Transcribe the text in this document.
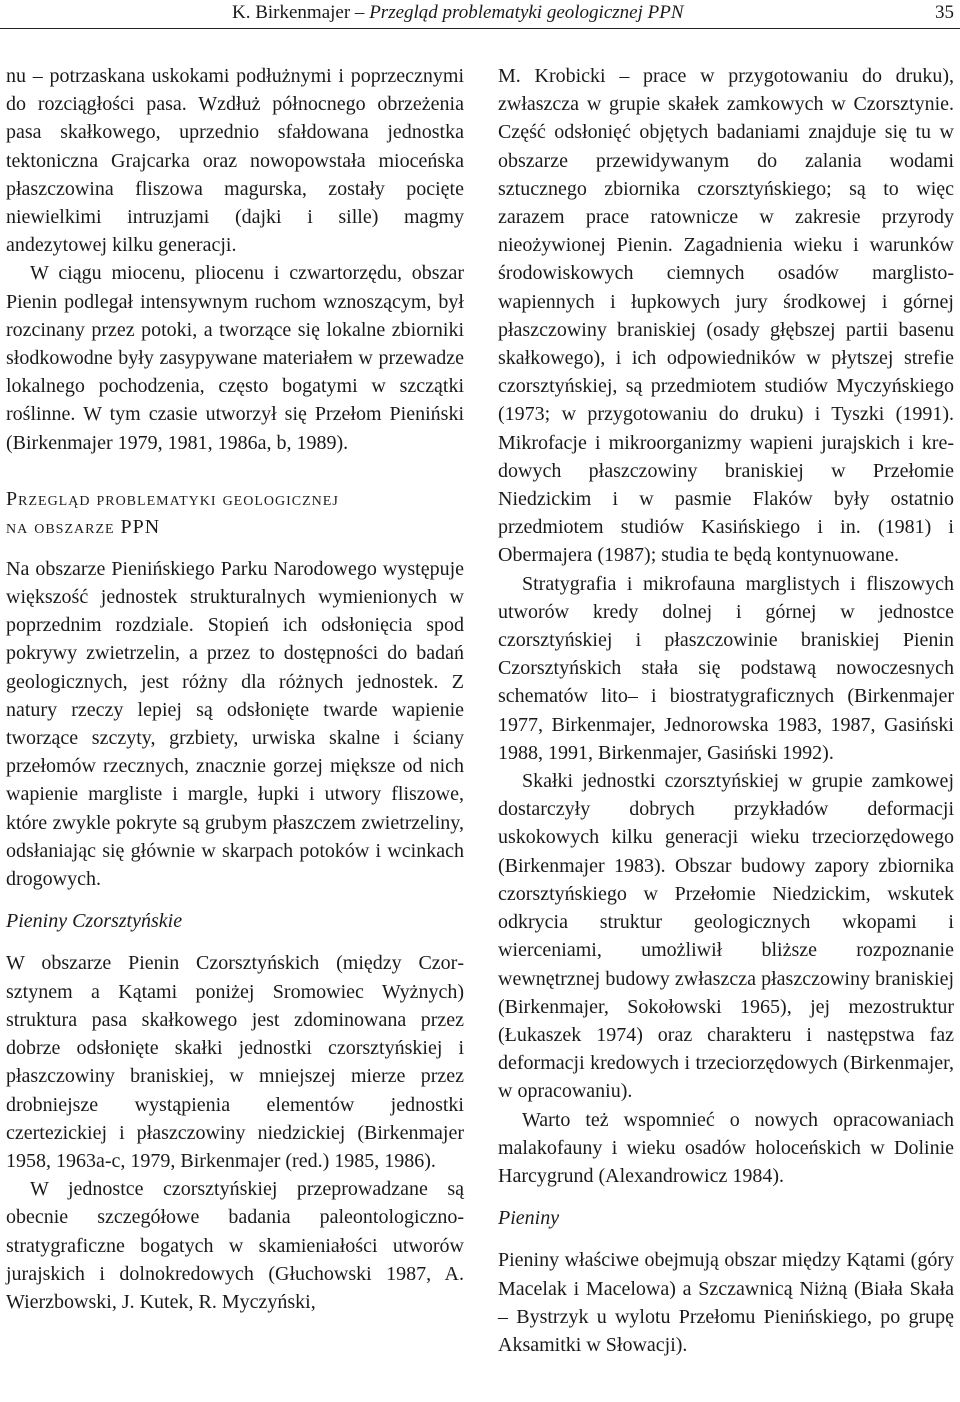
K. Birkenmajer – Przegląd problematyki geologicznej PPN	35

nu – potrzaskana uskokami podłużnymi i poprzecznymi do rozciągłości pasa. Wzdłuż północnego obrzeżenia pasa skałkowego, uprzednio sfałdowana jednostka tektoniczna Grajcarka oraz nowopowstała mioceńska płaszczowina fliszowa magurska, zostały pocięte niewielkimi intruzjami (dajki i sille) magmy andezytowej kilku generacji.

W ciągu miocenu, pliocenu i czwartorzędu, obszar Pienin podlegał intensywnym ruchom wznoszącym, był rozcinany przez potoki, a tworzące się lokalne zbiorniki słodkowodne były zasypywane materiałem w przewadze lokalnego pochodzenia, często bogatymi w szczątki roślinne. W tym czasie utworzył się Przełom Pieniński (Birkenmajer 1979, 1981, 1986a, b, 1989).

Przegląd problematyki geologicznej
na obszarze PPN

Na obszarze Pienińskiego Parku Narodowego występuje większość jednostek strukturalnych wymienionych w poprzednim rozdziale. Stopień ich odsłonięcia spod pokrywy zwietrzelin, a przez to dostępności do badań geologicznych, jest różny dla różnych jednostek. Z natury rzeczy lepiej są odsłonięte twarde wapienie tworzące szczyty, grzbiety, urwiska skalne i ściany przełomów rzecznych, znacznie gorzej miększe od nich wapienie margliste i margle, łupki i utwory fliszowe, które zwykle pokryte są grubym płaszczem zwietrzeliny, odsłaniając się głównie w skarpach potoków i wcinkach drogowych.

Pieniny Czorsztyńskie

W obszarze Pienin Czorsztyńskich (między Czorsztynem a Kątami poniżej Sromowiec Wyżnych) struktura pasa skałkowego jest zdominowana przez dobrze odsłonięte skałki jednostki czorsztyńskiej i płaszczowiny braniskiej, w mniejszej mierze przez drobniejsze wystąpienia elementów jednostki czertezickiej i płaszczowiny niedzickiej (Birkenmajer 1958, 1963a-c, 1979, Birkenmajer (red.) 1985, 1986).

W jednostce czorsztyńskiej przeprowadzane są obecnie szczegółowe badania paleontologicznostratygraficzne bogatych w skamieniałości utworów jurajskich i dolnokredowych (Głuchowski 1987, A. Wierzbowski, J. Kutek, R. Myczyński,

M. Krobicki – prace w przygotowaniu do druku), zwłaszcza w grupie skałek zamkowych w Czorsztynie. Część odsłonięć objętych badaniami znajduje się tu w obszarze przewidywanym do zalania wodami sztucznego zbiornika czorsztyńskiego; są to więc zarazem prace ratownicze w zakresie przyrody nieożywionej Pienin. Zagadnienia wieku i warunków środowiskowych ciemnych osadów marglisto-wapiennych i łupkowych jury środkowej i górnej płaszczowiny braniskiej (osady głębszej partii basenu skałkowego), i ich odpowiedników w płytszej strefie czorsztyńskiej, są przedmiotem studiów Myczyńskiego (1973; w przygotowaniu do druku) i Tyszki (1991). Mikrofacje i mikroorganizmy wapieni jurajskich i kredowych płaszczowiny braniskiej w Przełomie Niedzickim i w pasmie Flaków były ostatnio przedmiotem studiów Kasińskiego i in. (1981) i Obermajera (1987); studia te będą kontynuowane.

Stratygrafia i mikrofauna marglistych i fliszowych utworów kredy dolnej i górnej w jednostce czorsztyńskiej i płaszczowinie braniskiej Pienin Czorsztyńskich stała się podstawą nowoczesnych schematów lito– i biostratygraficznych (Birkenmajer 1977, Birkenmajer, Jednorowska 1983, 1987, Gasiński 1988, 1991, Birkenmajer, Gasiński 1992).

Skałki jednostki czorsztyńskiej w grupie zamkowej dostarczyły dobrych przykładów deformacji uskokowych kilku generacji wieku trzeciorzędowego (Birkenmajer 1983). Obszar budowy zapory zbiornika czorsztyńskiego w Przełomie Niedzickim, wskutek odkrycia struktur geologicznych wkopami i wierceniami, umożliwił bliższe rozpoznanie wewnętrznej budowy zwłaszcza płaszczowiny braniskiej (Birkenmajer, Sokołowski 1965), jej mezostruktur (Łukaszek 1974) oraz charakteru i następstwa faz deformacji kredowych i trzeciorzędowych (Birkenmajer, w opracowaniu).

Warto też wspomnieć o nowych opracowaniach malakofauny i wieku osadów holoceńskich w Dolinie Harcygrund (Alexandrowicz 1984).

Pieniny

Pieniny właściwe obejmują obszar między Kątami (góry Macelak i Macelowa) a Szczawnicą Niżną (Biała Skała – Bystrzyk u wylotu Przełomu Pienińskiego, po grupę Aksamitki w Słowacji).
